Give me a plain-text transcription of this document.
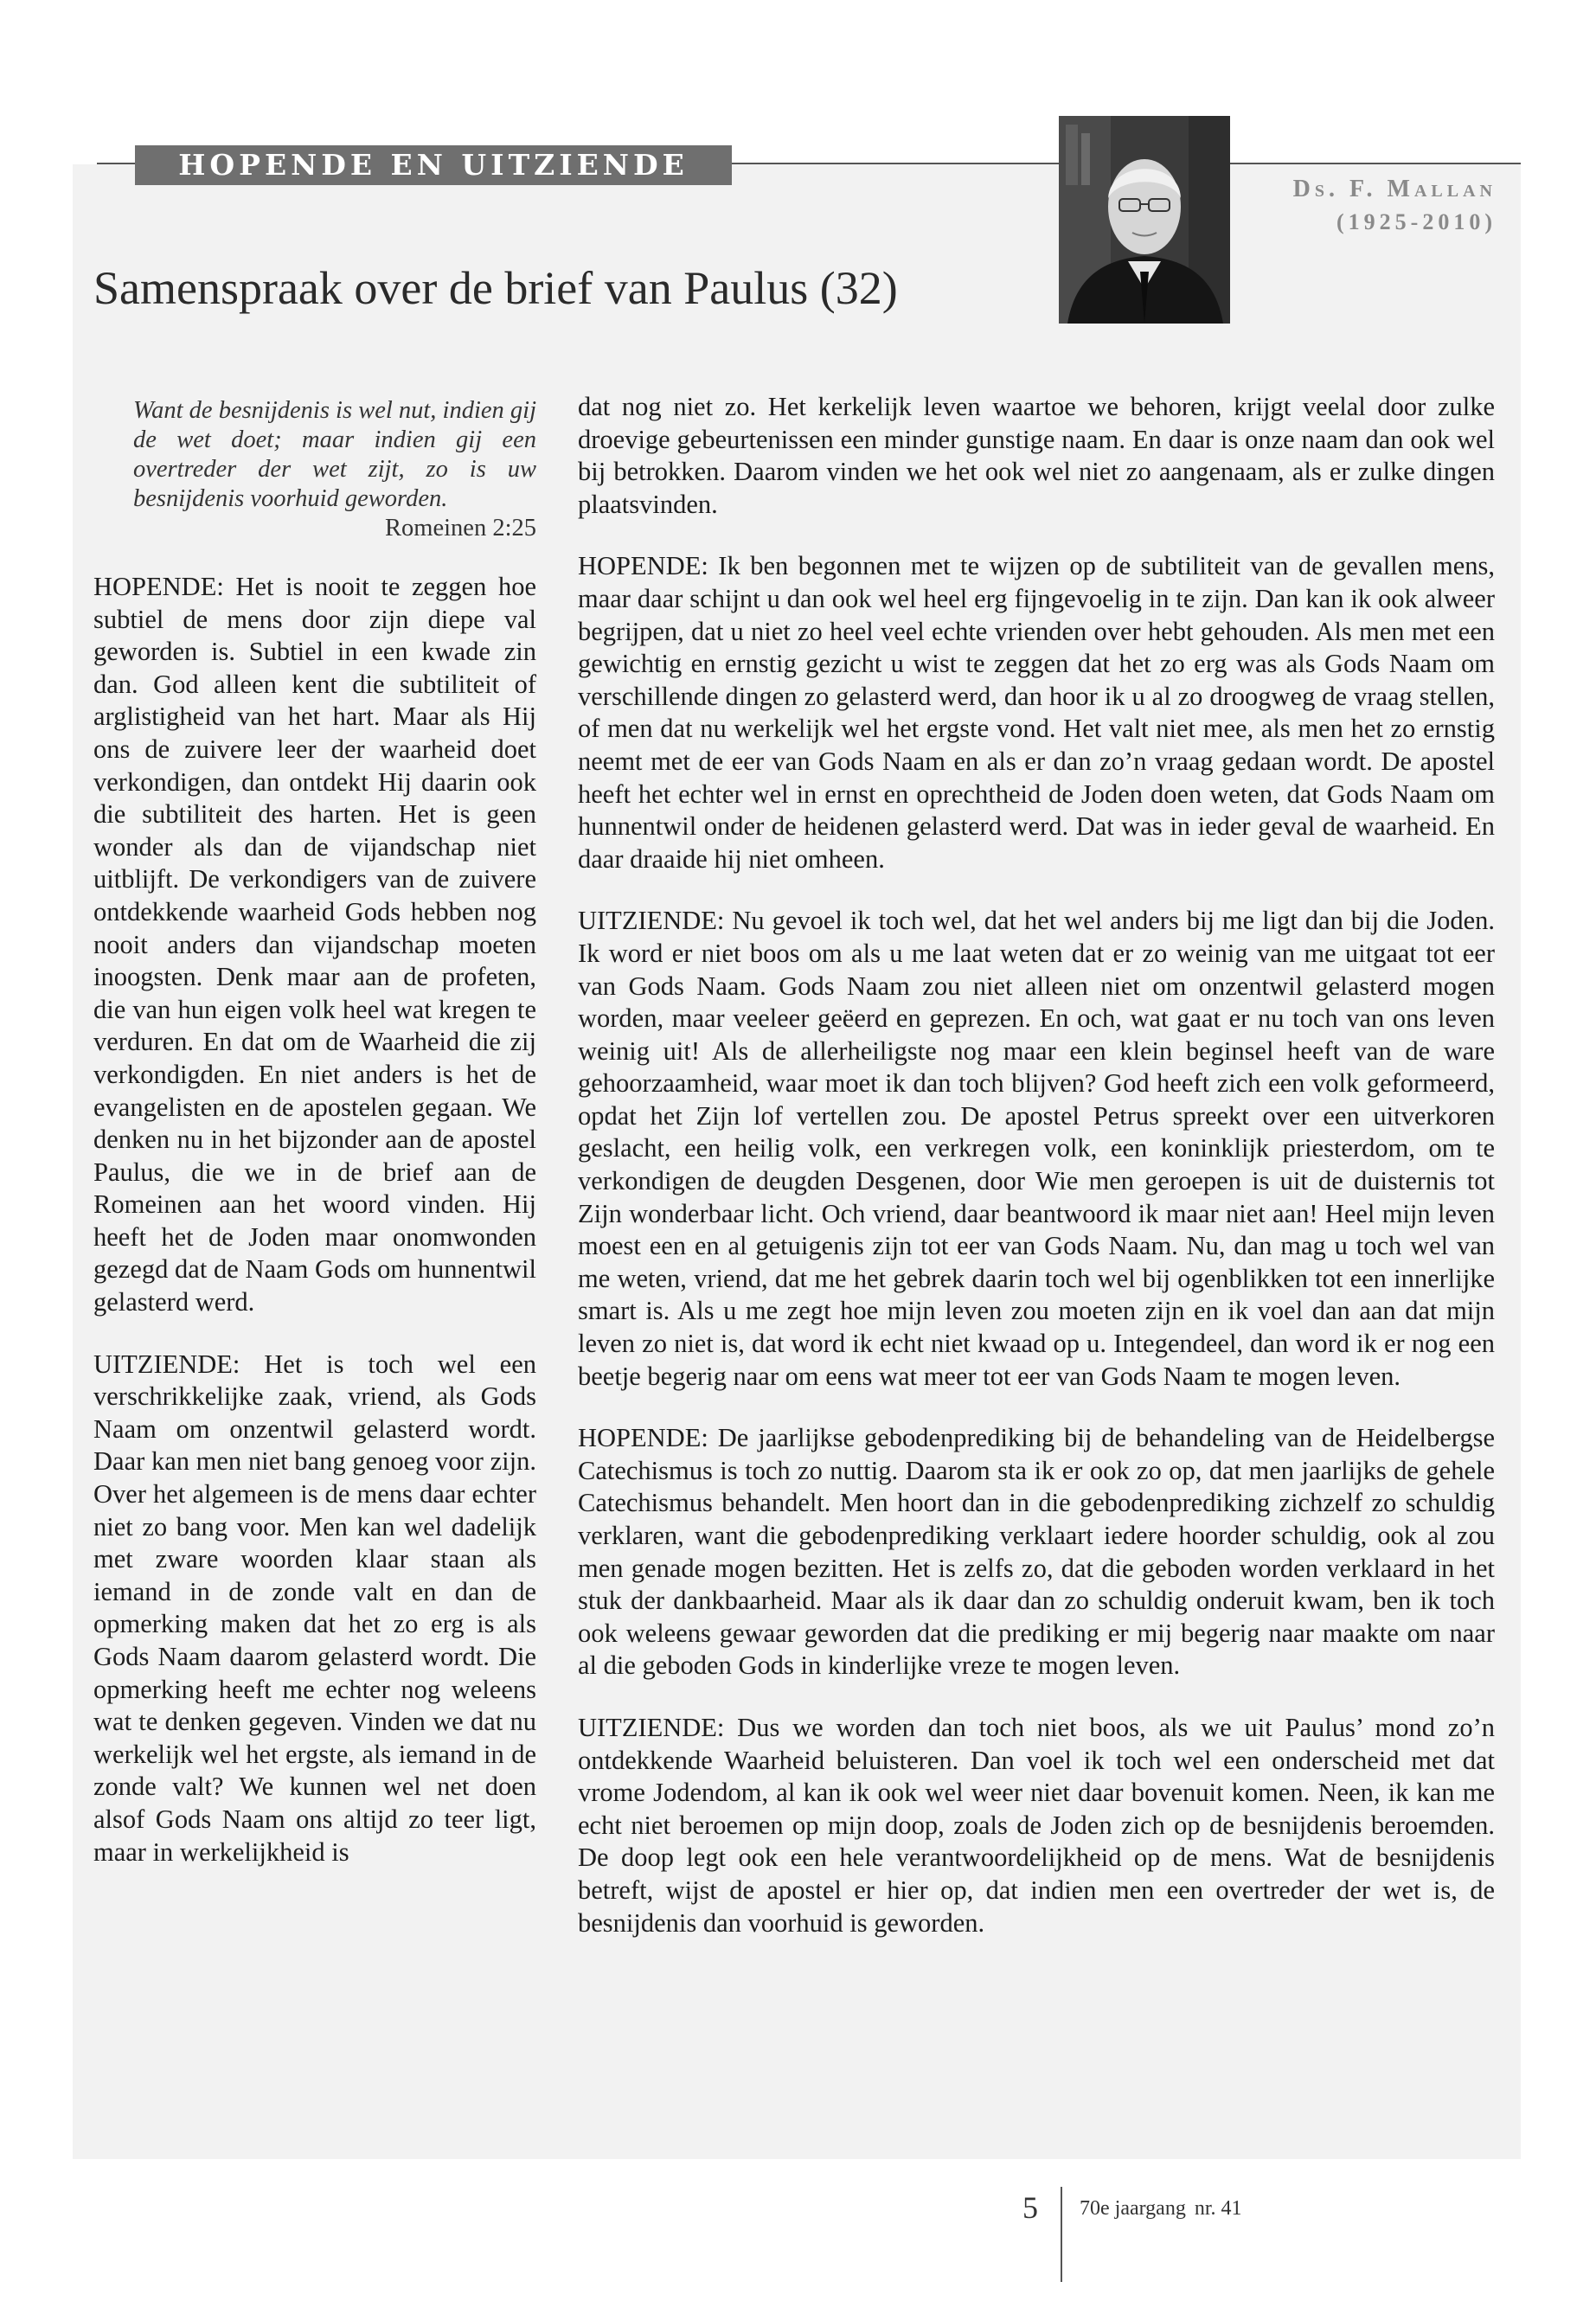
HOPENDE EN UITZIENDE
Ds. F. Mallan
(1925-2010)
Samenspraak over de brief van Paulus (32)

Want de besnijdenis is wel nut, indien gij de wet doet; maar indien gij een overtreder der wet zijt, zo is uw besnijdenis voorhuid geworden.

Romeinen 2:25

HOPENDE: Het is nooit te zeggen hoe subtiel de mens door zijn diepe val geworden is. Subtiel in een kwade zin dan. God alleen kent die subtiliteit of arglistigheid van het hart. Maar als Hij ons de zuivere leer der waarheid doet verkondigen, dan ontdekt Hij daarin ook die subtiliteit des harten. Het is geen wonder als dan de vijandschap niet uitblijft. De verkondigers van de zuivere ontdekkende waarheid Gods hebben nog nooit anders dan vijandschap moeten inoogsten. Denk maar aan de profeten, die van hun eigen volk heel wat kregen te verduren. En dat om de Waarheid die zij verkondigden. En niet anders is het de evangelisten en de apostelen gegaan. We denken nu in het bijzonder aan de apostel Paulus, die we in de brief aan de Romeinen aan het woord vinden. Hij heeft het de Joden maar onomwonden gezegd dat de Naam Gods om hunnentwil gelasterd werd.

UITZIENDE: Het is toch wel een verschrikkelijke zaak, vriend, als Gods Naam om onzentwil gelasterd wordt. Daar kan men niet bang genoeg voor zijn. Over het algemeen is de mens daar echter niet zo bang voor. Men kan wel dadelijk met zware woorden klaar staan als iemand in de zonde valt en dan de opmerking maken dat het zo erg is als Gods Naam daarom gelasterd wordt. Die opmerking heeft me echter nog weleens wat te denken gegeven. Vinden we dat nu werkelijk wel het ergste, als iemand in de zonde valt? We kunnen wel net doen alsof Gods Naam ons altijd zo teer ligt, maar in werkelijkheid is

dat nog niet zo. Het kerkelijk leven waartoe we behoren, krijgt veelal door zulke droevige gebeurtenissen een minder gunstige naam. En daar is onze naam dan ook wel bij betrokken. Daarom vinden we het ook wel niet zo aangenaam, als er zulke dingen plaatsvinden.

HOPENDE: Ik ben begonnen met te wijzen op de subtiliteit van de gevallen mens, maar daar schijnt u dan ook wel heel erg fijngevoelig in te zijn. Dan kan ik ook alweer begrijpen, dat u niet zo heel veel echte vrienden over hebt gehouden. Als men met een gewichtig en ernstig gezicht u wist te zeggen dat het zo erg was als Gods Naam om verschillende dingen zo gelasterd werd, dan hoor ik u al zo droogweg de vraag stellen, of men dat nu werkelijk wel het ergste vond. Het valt niet mee, als men het zo ernstig neemt met de eer van Gods Naam en als er dan zo’n vraag gedaan wordt. De apostel heeft het echter wel in ernst en oprechtheid de Joden doen weten, dat Gods Naam om hunnentwil onder de heidenen gelasterd werd. Dat was in ieder geval de waarheid. En daar draaide hij niet omheen.

UITZIENDE: Nu gevoel ik toch wel, dat het wel anders bij me ligt dan bij die Joden. Ik word er niet boos om als u me laat weten dat er zo weinig van me uitgaat tot eer van Gods Naam. Gods Naam zou niet alleen niet om onzentwil gelasterd mogen worden, maar veeleer geëerd en geprezen. En och, wat gaat er nu toch van ons leven weinig uit! Als de allerheiligste nog maar een klein beginsel heeft van de ware gehoorzaamheid, waar moet ik dan toch blijven? God heeft zich een volk geformeerd, opdat het Zijn lof vertellen zou. De apostel Petrus spreekt over een uitverkoren geslacht, een heilig volk, een verkregen volk, een koninklijk priesterdom, om te verkondigen de deugden Desgenen, door Wie men geroepen is uit de duisternis tot Zijn wonderbaar licht. Och vriend, daar beantwoord ik maar niet aan! Heel mijn leven moest een en al getuigenis zijn tot eer van Gods Naam. Nu, dan mag u toch wel van me weten, vriend, dat me het gebrek daarin toch wel bij ogenblikken tot een innerlijke smart is. Als u me zegt hoe mijn leven zou moeten zijn en ik voel dan aan dat mijn leven zo niet is, dat word ik echt niet kwaad op u. Integendeel, dan word ik er nog een beetje begerig naar om eens wat meer tot eer van Gods Naam te mogen leven.

HOPENDE: De jaarlijkse gebodenprediking bij de behandeling van de Heidelbergse Catechismus is toch zo nuttig. Daarom sta ik er ook zo op, dat men jaarlijks de gehele Catechismus behandelt. Men hoort dan in die gebodenprediking zichzelf zo schuldig verklaren, want die gebodenprediking verklaart iedere hoorder schuldig, ook al zou men genade mogen bezitten. Het is zelfs zo, dat die geboden worden verklaard in het stuk der dankbaarheid. Maar als ik daar dan zo schuldig onderuit kwam, ben ik toch ook weleens gewaar geworden dat die prediking er mij begerig naar maakte om naar al die geboden Gods in kinderlijke vreze te mogen leven.

UITZIENDE: Dus we worden dan toch niet boos, als we uit Paulus’ mond zo’n ontdekkende Waarheid beluisteren. Dan voel ik toch wel een onderscheid met dat vrome Jodendom, al kan ik ook wel weer niet daar bovenuit komen. Neen, ik kan me echt niet beroemen op mijn doop, zoals de Joden zich op de besnijdenis beroemden. De doop legt ook een hele verantwoordelijkheid op de mens. Wat de besnijdenis betreft, wijst de apostel er hier op, dat indien men een overtreder der wet is, de besnijdenis dan voorhuid is geworden.

5 70e jaargang nr. 41
